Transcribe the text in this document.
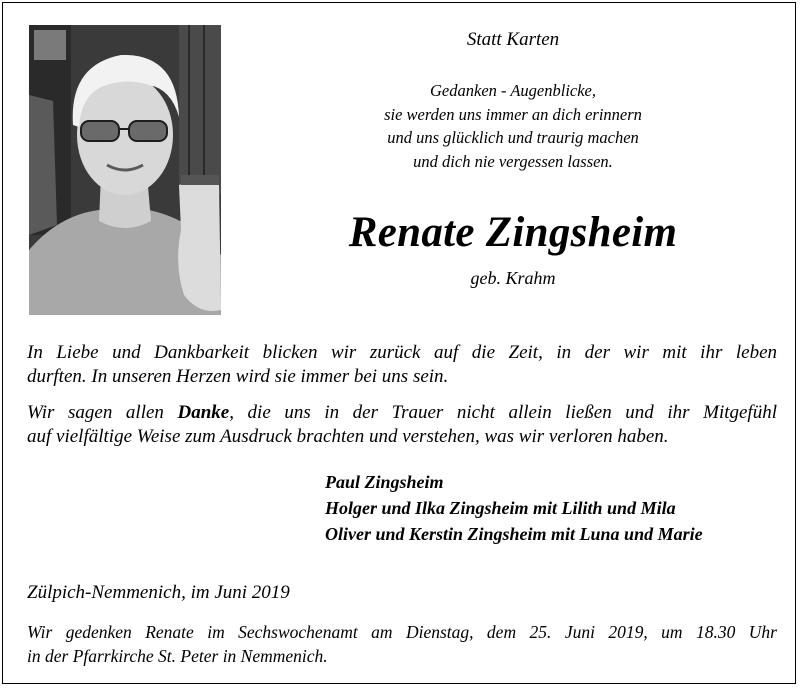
Statt Karten
Gedanken - Augenblicke,
sie werden uns immer an dich erinnern
und uns glücklich und traurig machen
und dich nie vergessen lassen.
Renate Zingsheim
geb. Krahm
In Liebe und Dankbarkeit blicken wir zurück auf die Zeit, in der wir mit ihr leben
durften. In unseren Herzen wird sie immer bei uns sein.
Wir sagen allen Danke, die uns in der Trauer nicht allein ließen und ihr Mitgefühl
auf vielfältige Weise zum Ausdruck brachten und verstehen, was wir verloren haben.
Paul Zingsheim
Holger und Ilka Zingsheim mit Lilith und Mila
Oliver und Kerstin Zingsheim mit Luna und Marie
Zülpich-Nemmenich, im Juni 2019
Wir gedenken Renate im Sechswochenamt am Dienstag, dem 25. Juni 2019, um 18.30 Uhr
in der Pfarrkirche St. Peter in Nemmenich.
